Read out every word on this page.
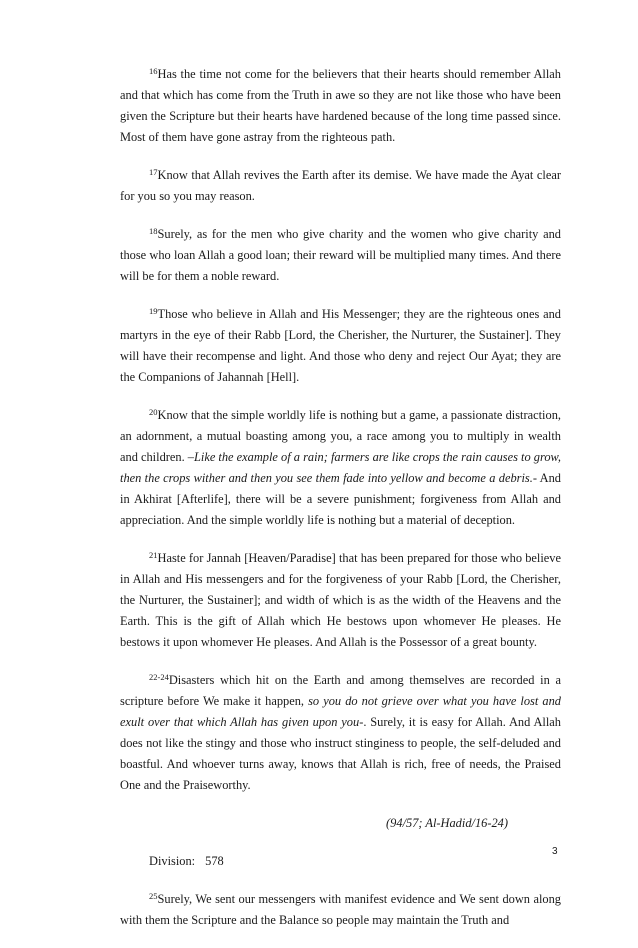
$^{16}$Has the time not come for the believers that their hearts should remember Allah and that which has come from the Truth in awe so they are not like those who have been given the Scripture but their hearts have hardened because of the long time passed since. Most of them have gone astray from the righteous path.

$^{17}$Know that Allah revives the Earth after its demise. We have made the Ayat clear for you so you may reason.

$^{18}$Surely, as for the men who give charity and the women who give charity and those who loan Allah a good loan; their reward will be multiplied many times. And there will be for them a noble reward.

$^{19}$Those who believe in Allah and His Messenger; they are the righteous ones and martyrs in the eye of their Rabb [Lord, the Cherisher, the Nurturer, the Sustainer]. They will have their recompense and light. And those who deny and reject Our Ayat; they are the Companions of Jahannah [Hell].

$^{20}$Know that the simple worldly life is nothing but a game, a passionate distraction, an adornment, a mutual boasting among you, a race among you to multiply in wealth and children. –Like the example of a rain; farmers are like crops the rain causes to grow, then the crops wither and then you see them fade into yellow and become a debris.- And in Akhirat [Afterlife], there will be a severe punishment; forgiveness from Allah and appreciation. And the simple worldly life is nothing but a material of deception.

$^{21}$Haste for Jannah [Heaven/Paradise] that has been prepared for those who believe in Allah and His messengers and for the forgiveness of your Rabb [Lord, the Cherisher, the Nurturer, the Sustainer]; and width of which is as the width of the Heavens and the Earth. This is the gift of Allah which He bestows upon whomever He pleases. He bestows it upon whomever He pleases. And Allah is the Possessor of a great bounty.

$^{22-24}$Disasters which hit on the Earth and among themselves are recorded in a scripture before We make it happen, so you do not grieve over what you have lost and exult over that which Allah has given upon you-. Surely, it is easy for Allah. And Allah does not like the stingy and those who instruct stinginess to people, the self-deluded and boastful. And whoever turns away, knows that Allah is rich, free of needs, the Praised One and the Praiseworthy.

(94/57; Al-Hadid/16-24)

Division: 578

$^{25}$Surely, We sent our messengers with manifest evidence and We sent down along with them the Scripture and the Balance so people may maintain the Truth and

3
